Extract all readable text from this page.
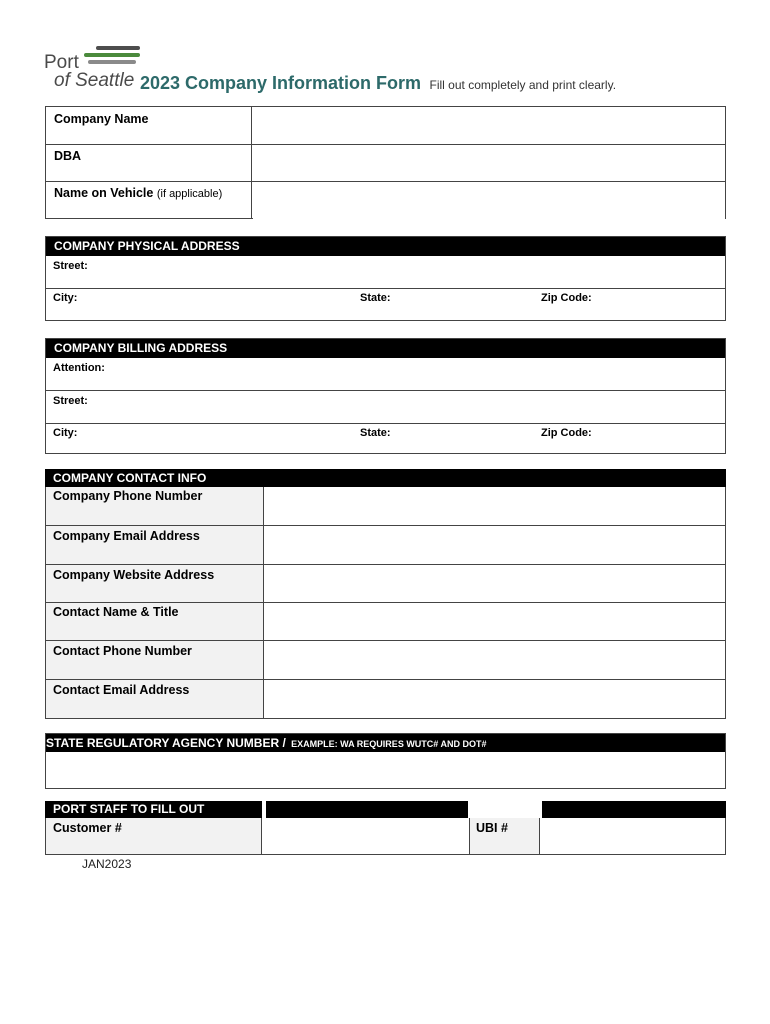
Port
of Seattle 2023 Company Information Form Fill out completely and print clearly.
Company Name
DBA
Name on Vehicle (if applicable)
COMPANY PHYSICAL ADDRESS
Street:
City:	State:	Zip Code:
COMPANY BILLING ADDRESS
Attention:
Street:
City:	State:	Zip Code:
COMPANY CONTACT INFO
Company Phone Number
Company Email Address
Company Website Address
Contact Name & Title
Contact Phone Number
Contact Email Address
STATE REGULATORY AGENCY NUMBER / EXAMPLE: WA REQUIRES WUTC# AND DOT#
PORT STAFF TO FILL OUT
Customer #	UBI #
JAN2023
